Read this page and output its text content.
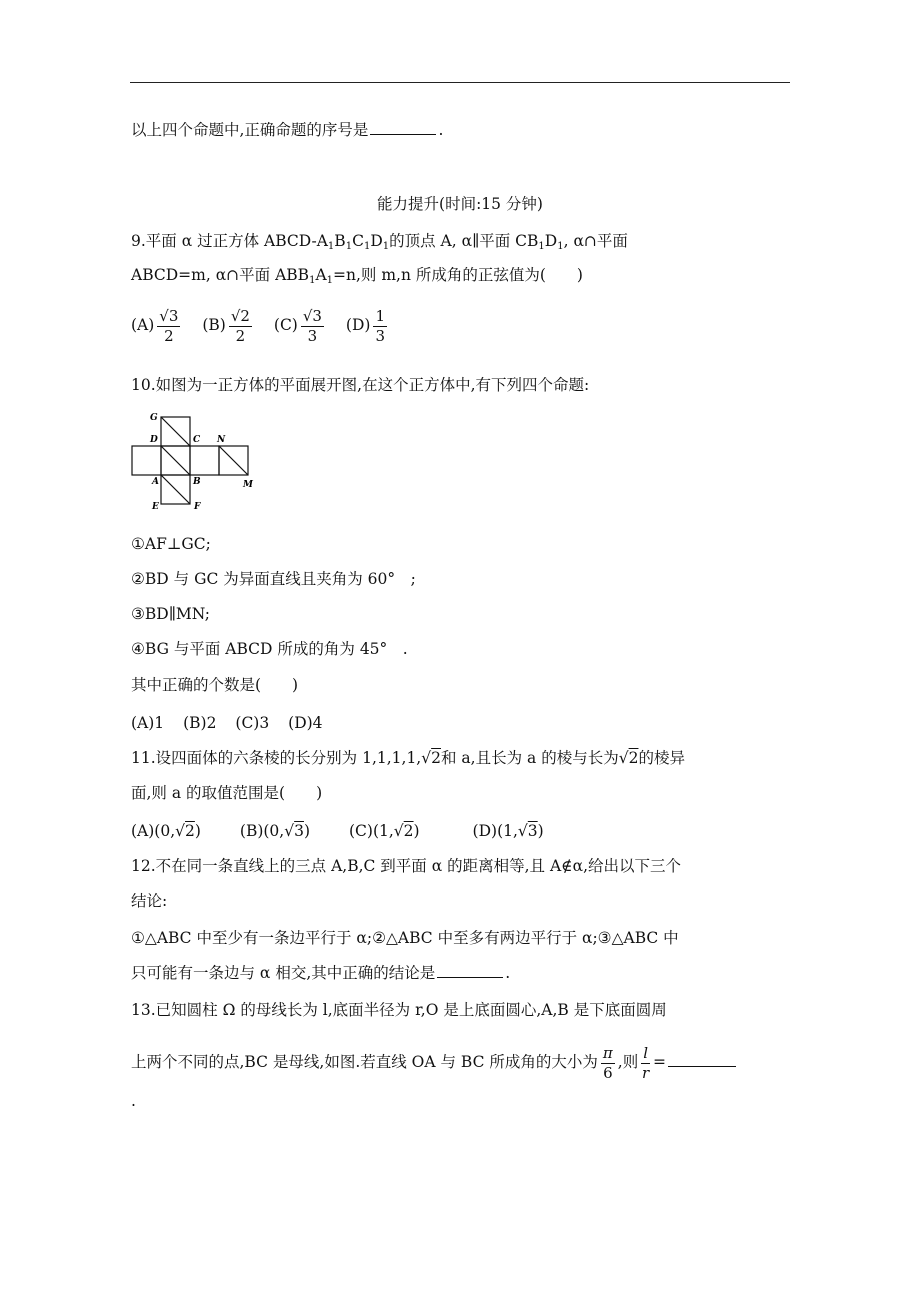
以上四个命题中,正确命题的序号是	.
能力提升(时间:15 分钟)
9.平面 α 过正方体 ABCD-$A_1B_1C_1D_1$的顶点 A, α∥平面 $CB_1D_1$, α∩平面
ABCD=m, α∩平面 $ABB_1A_1=n$,则 m,n 所成角的正弦值为(　　)
$(A) \frac{√3}{2} (B) \frac{√2}{2} (C) \frac{√3}{3} (D) \frac{1}{3}$
10.如图为一正方体的平面展开图,在这个正方体中,有下列四个命题:
G
D	C N
A	B	M
E	F
①AF⊥GC;
②BD 与 GC 为异面直线且夹角为 60°　;
③BD∥MN;
④BG 与平面 ABCD 所成的角为 45°　.
其中正确的个数是(　　)
(A)1 (B)2 (C)3 (D)4
11.设四面体的六条棱的长分别为 1,1,1,1,√2和 a,且长为 a 的棱与长为√2的棱异
面,则 a 的取值范围是(　　)
(A)(0,√2)	(B)(0,√3)	(C)(1,√2)	(D)(1,√3)
12.不在同一条直线上的三点 A,B,C 到平面 α 的距离相等,且 A∉α,给出以下三个
结论:
①△ABC 中至少有一条边平行于 α;②△ABC 中至多有两边平行于 α;③△ABC 中
只可能有一条边与 α 相交,其中正确的结论是	.
13.已知圆柱 Ω 的母线长为 l,底面半径为 r,O 是上底面圆心,A,B 是下底面圆周
上两个不同的点,BC 是母线,如图.若直线 OA 与 BC 所成角的大小为 $\frac{\pi}{6}$ ,则 $\frac{l}{r}$ =
.
